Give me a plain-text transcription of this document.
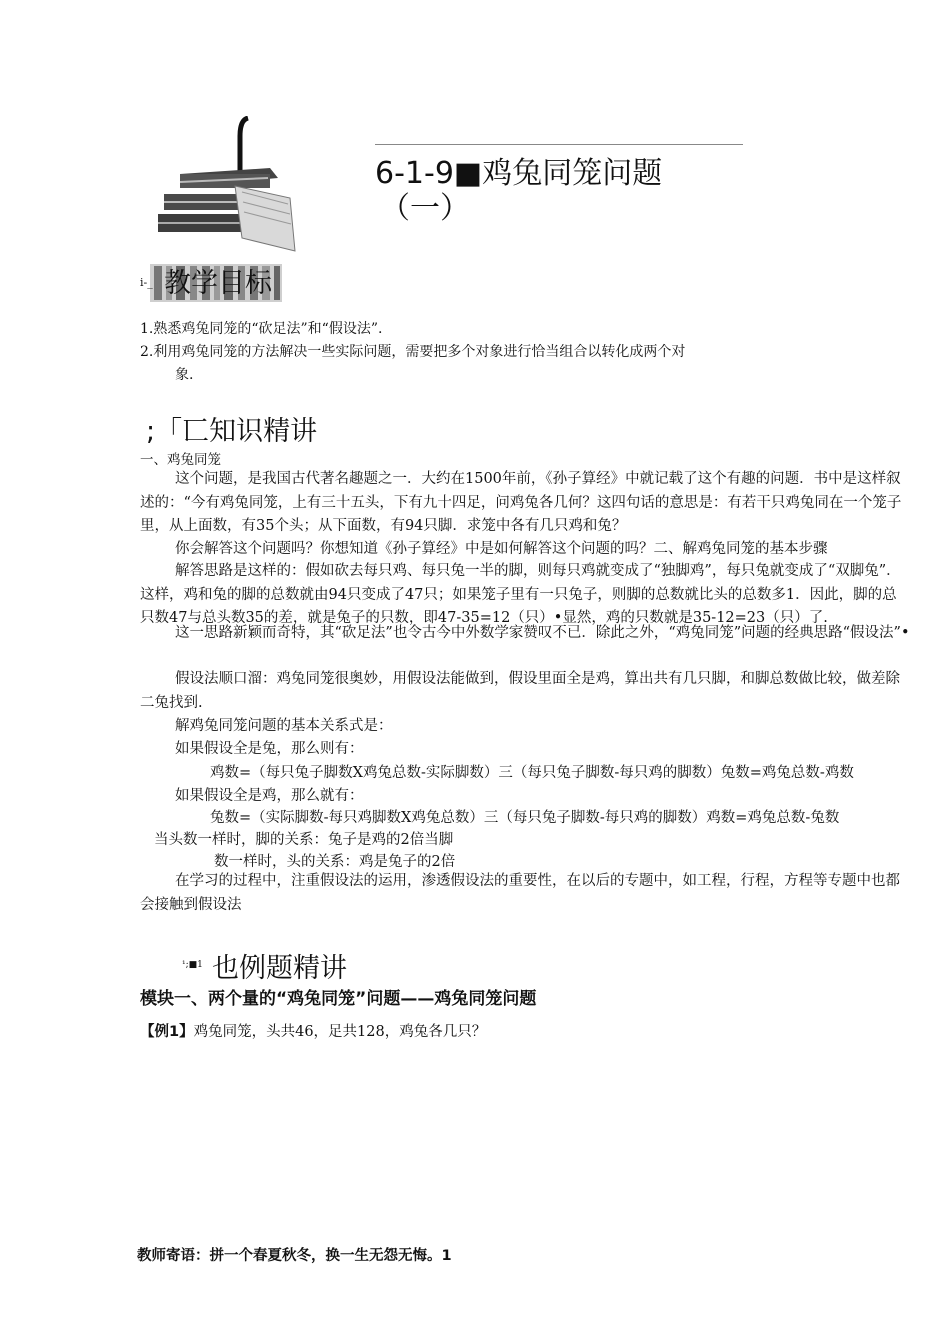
6-1-9■鸡兔同笼问题
（一）
i-_ 教学目标
1.熟悉鸡兔同笼的“砍足法”和“假设法”.
2.利用鸡兔同笼的方法解决一些实际问题，需要把多个对象进行恰当组合以转化成两个对
象.
;「匸知识精讲
一、鸡兔同笼
这个问题，是我国古代著名趣题之一．大约在1500年前，《孙子算经》中就记载了这个有趣的问题．书中是这样叙述的：“今有鸡兔同笼，上有三十五头，下有九十四足，问鸡兔各几何？这四句话的意思是：有若干只鸡兔同在一个笼子里，从上面数，有35个头；从下面数，有94只脚．求笼中各有几只鸡和兔？
你会解答这个问题吗？你想知道《孙子算经》中是如何解答这个问题的吗？二、解鸡兔同笼的基本步骤
解答思路是这样的：假如砍去每只鸡、每只兔一半的脚，则每只鸡就变成了“独脚鸡”，每只兔就变成了“双脚兔”．这样，鸡和兔的脚的总数就由94只变成了47只；如果笼子里有一只兔子，则脚的总数就比头的总数多1．因此，脚的总只数47与总头数35的差，就是兔子的只数，即47-35=12（只）•显然，鸡的只数就是35-12=23（只）了.
这一思路新颖而奇特，其“砍足法”也令古今中外数学家赞叹不已．除此之外，“鸡兔同笼”问题的经典思路“假设法”•
假设法顺口溜：鸡兔同笼很奥妙，用假设法能做到，假设里面全是鸡，算出共有几只脚，和脚总数做比较，做差除二兔找到.
解鸡兔同笼问题的基本关系式是：
如果假设全是兔，那么则有：
鸡数=（每只兔子脚数X鸡兔总数-实际脚数）三（每只兔子脚数-每只鸡的脚数）兔数=鸡兔总数-鸡数
如果假设全是鸡，那么就有：
兔数=（实际脚数-每只鸡脚数X鸡兔总数）三（每只兔子脚数-每只鸡的脚数）鸡数=鸡兔总数-兔数
当头数一样时，脚的关系：兔子是鸡的2倍当脚
数一样时，头的关系：鸡是兔子的2倍
在学习的过程中，注重假设法的运用，渗透假设法的重要性，在以后的专题中，如工程，行程，方程等专题中也都会接触到假设法
¹;■1 也例题精讲
模块一、两个量的“鸡兔同笼”问题——鸡兔同笼问题
【例1】鸡兔同笼，头共46，足共128，鸡兔各几只？
教师寄语：拼一个春夏秋冬，换一生无怨无悔。1
